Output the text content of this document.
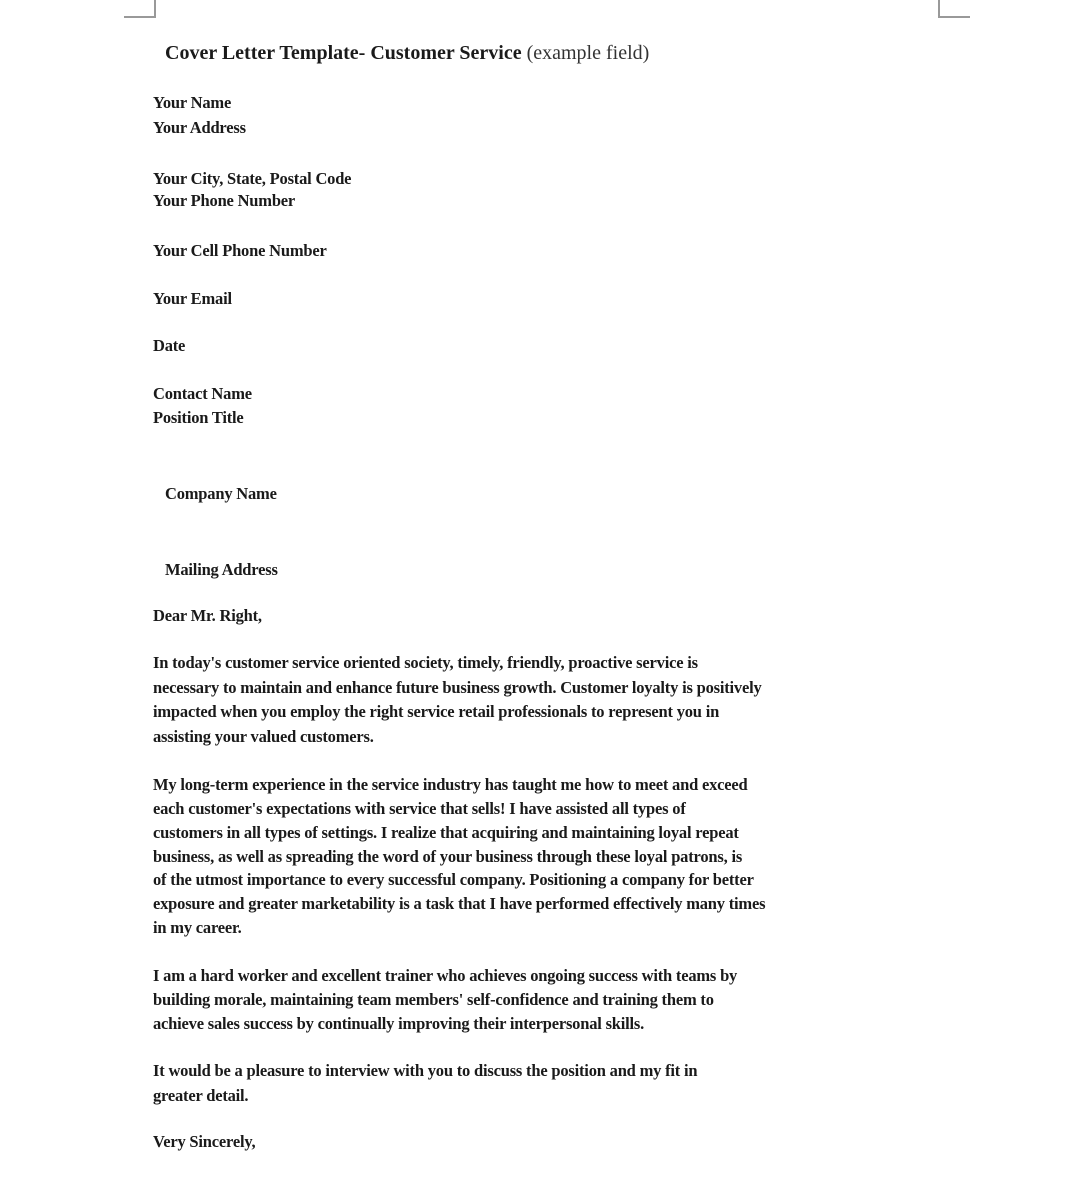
Cover Letter Template- Customer Service (example field)
Your Name
Your Address
Your City, State, Postal Code
Your Phone Number
Your Cell Phone Number
Your Email
Date
Contact Name
Position Title
Company Name
Mailing Address
Dear Mr. Right,
In today's customer service oriented society, timely, friendly, proactive service is
necessary to maintain and enhance future business growth. Customer loyalty is positively
impacted when you employ the right service retail professionals to represent you in
assisting your valued customers.
My long-term experience in the service industry has taught me how to meet and exceed
each customer's expectations with service that sells! I have assisted all types of
customers in all types of settings. I realize that acquiring and maintaining loyal repeat
business, as well as spreading the word of your business through these loyal patrons, is
of the utmost importance to every successful company. Positioning a company for better
exposure and greater marketability is a task that I have performed effectively many times
in my career.
I am a hard worker and excellent trainer who achieves ongoing success with teams by
building morale, maintaining team members' self-confidence and training them to
achieve sales success by continually improving their interpersonal skills.
It would be a pleasure to interview with you to discuss the position and my fit in
greater detail.
Very Sincerely,
